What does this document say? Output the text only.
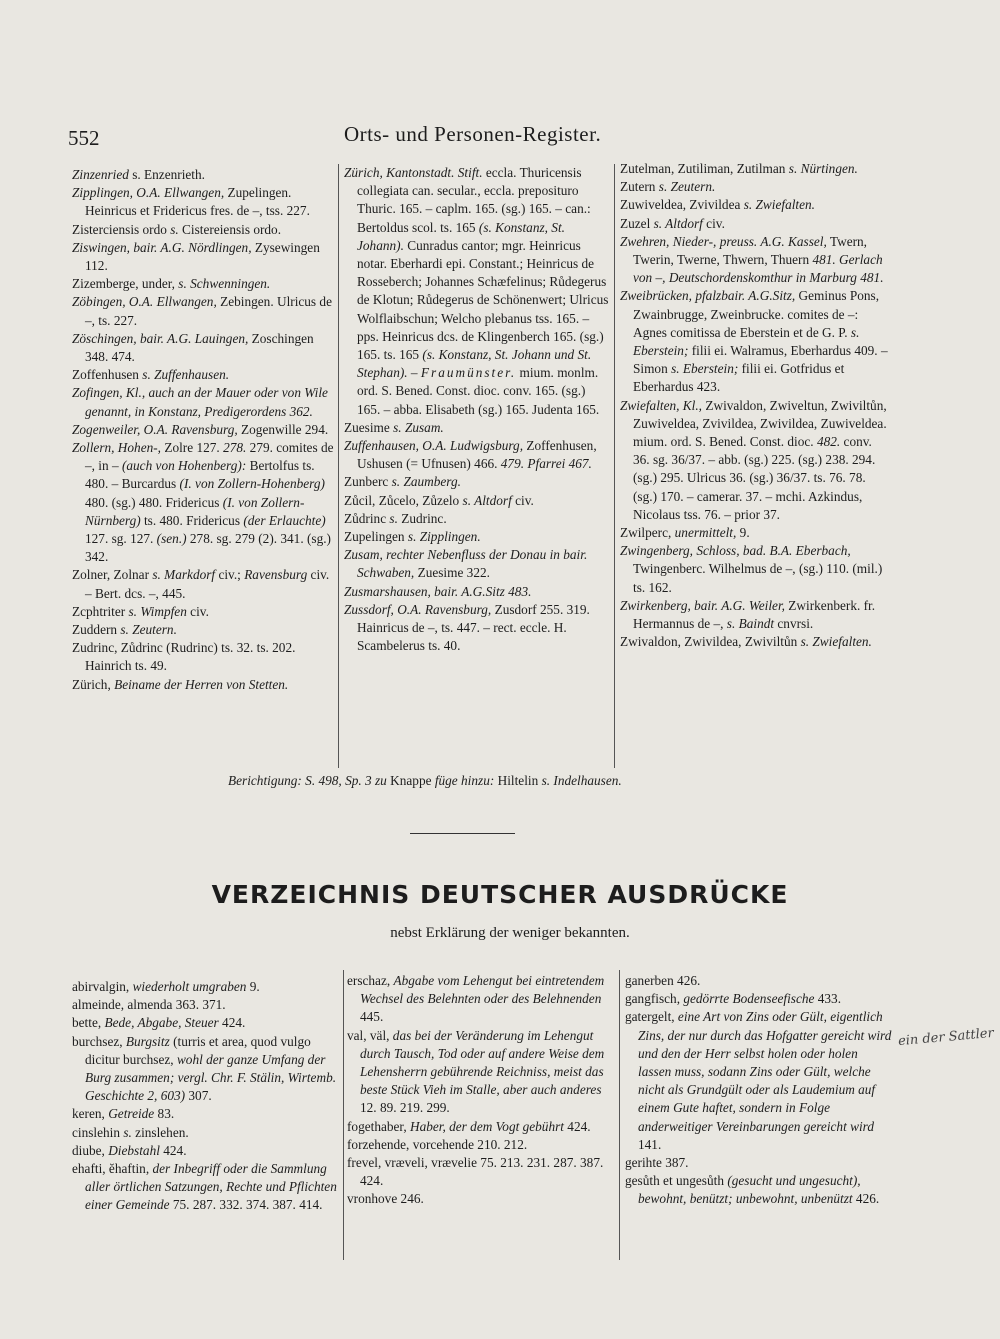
552	Orts- und Personen-Register.

Zinzenried s. Enzenrieth.

Zipplingen, O.A. Ellwangen, Zupelingen. Heinricus et Fridericus fres. de –, tss. 227.

Zisterciensis ordo s. Cistereiensis ordo.

Ziswingen, bair. A.G. Nördlingen, Zysewingen 112.

Zizemberge, under, s. Schwenningen.

Zöbingen, O.A. Ellwangen, Zebingen. Ulricus de –, ts. 227.

Zöschingen, bair. A.G. Lauingen, Zoschingen 348. 474.

Zoffenhusen s. Zuffenhausen.

Zofingen, Kl., auch an der Mauer oder von Wile genannt, in Konstanz, Predigerordens 362.

Zogenweiler, O.A. Ravensburg, Zogenwille 294.

Zollern, Hohen-, Zolre 127. 278. 279. comites de –, in – (auch von Hohenberg): Bertolfus ts. 480. – Burcardus (I. von Zollern-Hohenberg) 480. (sg.) 480. Fridericus (I. von Zollern-Nürnberg) ts. 480. Fridericus (der Erlauchte) 127. sg. 127. (sen.) 278. sg. 279 (2). 341. (sg.) 342.

Zolner, Zolnar s. Markdorf civ.; Ravensburg civ. – Bert. dcs. –, 445.

Zcphtriter s. Wimpfen civ.

Zuddern s. Zeutern.

Zudrinc, Zůdrinc (Rudrinc) ts. 32. ts. 202. Hainrich ts. 49.

Zürich, Beiname der Herren von Stetten.

Zürich, Kantonstadt. Stift. eccla. Thuricensis collegiata can. secular., eccla. preposituro Thuric. 165. – caplm. 165. (sg.) 165. – can.: Bertoldus scol. ts. 165 (s. Konstanz, St. Johann). Cunradus cantor; mgr. Heinricus notar. Eberhardi epi. Constant.; Heinricus de Rosseberch; Johannes Schæfelinus; Růdegerus de Klotun; Růdegerus de Schönenwert; Ulricus Wolflaibschun; Welcho plebanus tss. 165. – pps. Heinricus dcs. de Klingenberch 165. (sg.) 165. ts. 165 (s. Konstanz, St. Johann und St. Stephan). – Fraumünster. mium. monlm. ord. S. Bened. Const. dioc. conv. 165. (sg.) 165. – abba. Elisabeth (sg.) 165. Judenta 165.

Zuesime s. Zusam.

Zuffenhausen, O.A. Ludwigsburg, Zoffenhusen, Ushusen (= Ufnusen) 466. 479. Pfarrei 467.

Zunberc s. Zaumberg.

Zůcil, Zůcelo, Zůzelo s. Altdorf civ.

Zůdrinc s. Zudrinc.

Zupelingen s. Zipplingen.

Zusam, rechter Nebenfluss der Donau in bair. Schwaben, Zuesime 322.

Zusmarshausen, bair. A.G.Sitz 483.

Zussdorf, O.A. Ravensburg, Zusdorf 255. 319. Hainricus de –, ts. 447. – rect. eccle. H. Scambelerus ts. 40.

Zutelman, Zutiliman, Zutilman s. Nürtingen.

Zutern s. Zeutern.

Zuwiveldea, Zvivildea s. Zwiefalten.

Zuzel s. Altdorf civ.

Zwehren, Nieder-, preuss. A.G. Kassel, Twern, Twerin, Twerne, Thwern, Thuern 481. Gerlach von –, Deutschordenskomthur in Marburg 481.

Zweibrücken, pfalzbair. A.G.Sitz, Geminus Pons, Zwainbrugge, Zweinbrucke. comites de –: Agnes comitissa de Eberstein et de G. P. s. Eberstein; filii ei. Walramus, Eberhardus 409. – Simon s. Eberstein; filii ei. Gotfridus et Eberhardus 423.

Zwiefalten, Kl., Zwivaldon, Zwiveltun, Zwiviltůn, Zuwiveldea, Zvivildea, Zwivildea, Zuwiveldea. mium. ord. S. Bened. Const. dioc. 482. conv. 36. sg. 36/37. – abb. (sg.) 225. (sg.) 238. 294. (sg.) 295. Ulricus 36. (sg.) 36/37. ts. 76. 78. (sg.) 170. – camerar. 37. – mchi. Azkindus, Nicolaus tss. 76. – prior 37.

Zwilperc, unermittelt, 9.

Zwingenberg, Schloss, bad. B.A. Eberbach, Twingenberc. Wilhelmus de –, (sg.) 110. (mil.) ts. 162.

Zwirkenberg, bair. A.G. Weiler, Zwirkenberk. fr. Hermannus de –, s. Baindt cnvrsi.

Zwivaldon, Zwivildea, Zwiviltůn s. Zwiefalten.

Berichtigung: S. 498, Sp. 3 zu Knappe füge hinzu: Hiltelin s. Indelhausen.
VERZEICHNIS DEUTSCHER AUSDRÜCKE
nebst Erklärung der weniger bekannten.

abirvalgin, wiederholt umgraben 9.

almeinde, almenda 363. 371.

bette, Bede, Abgabe, Steuer 424.

burchsez, Burgsitz (turris et area, quod vulgo dicitur burchsez, wohl der ganze Umfang der Burg zusammen; vergl. Chr. F. Stälin, Wirtemb. Geschichte 2, 603) 307.

keren, Getreide 83.

cinslehin s. zinslehen.

diube, Diebstahl 424.

ehafti, ĕhaftin, der Inbegriff oder die Sammlung aller örtlichen Satzungen, Rechte und Pflichten einer Gemeinde 75. 287. 332. 374. 387. 414.

erschaz, Abgabe vom Lehengut bei eintretendem Wechsel des Belehnten oder des Belehnenden 445.

val, väl, das bei der Veränderung im Lehengut durch Tausch, Tod oder auf andere Weise dem Lehensherrn gebührende Reichniss, meist das beste Stück Vieh im Stalle, aber auch anderes 12. 89. 219. 299.

fogethaber, Haber, der dem Vogt gebührt 424.

forzehende, vorcehende 210. 212.

frevel, vræveli, vrævelie 75. 213. 231. 287. 387. 424.

vronhove 246.

ganerben 426.

gangfisch, gedörrte Bodenseefische 433.

gatergelt, eine Art von Zins oder Gült, eigentlich Zins, der nur durch das Hofgatter gereicht wird und den der Herr selbst holen oder holen lassen muss, sodann Zins oder Gült, welche nicht als Grundgült oder als Laudemium auf einem Gute haftet, sondern in Folge anderweitiger Vereinbarungen gereicht wird 141.

gerihte 387.

gesůth et ungesůth (gesucht und ungesucht), bewohnt, benützt; unbewohnt, unbenützt 426.

ein der Sattler
